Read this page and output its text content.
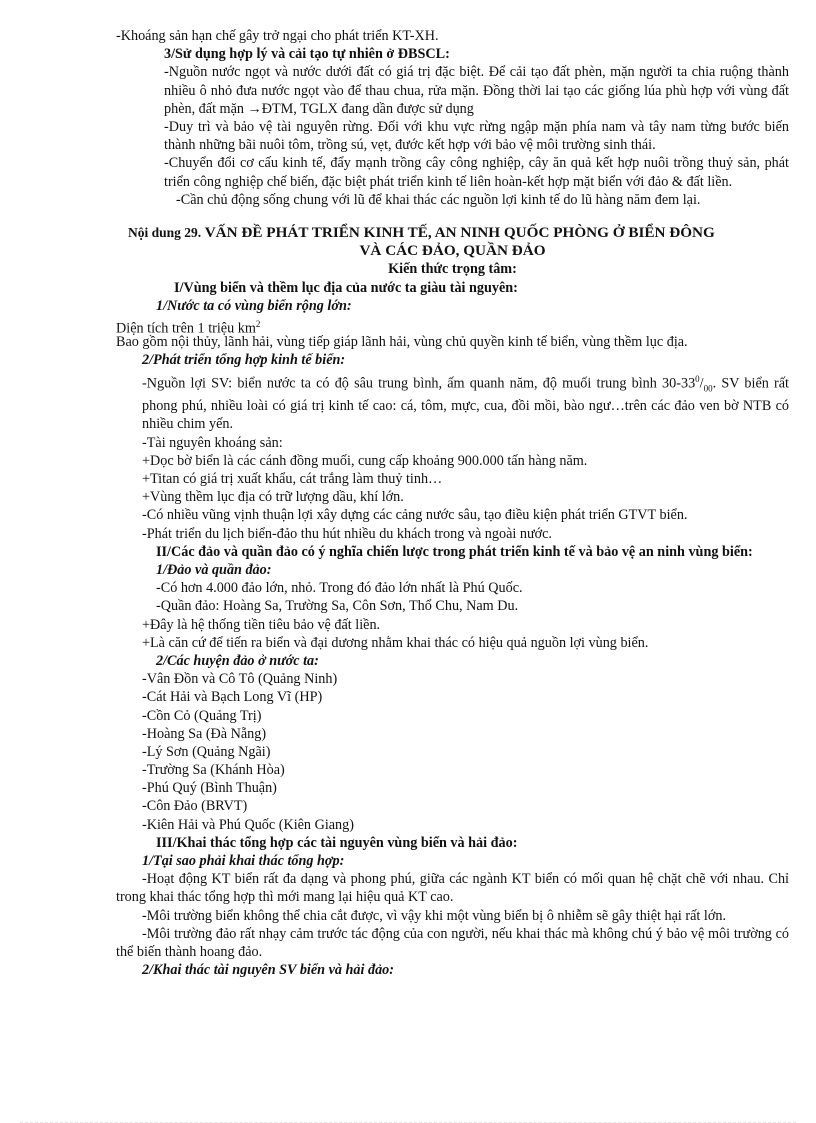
-Khoáng sản hạn chế gây trở ngại cho phát triển KT-XH.
3/Sử dụng hợp lý và cải tạo tự nhiên ở ĐBSCL:
-Nguồn nước ngọt và nước dưới đất có giá trị đặc biệt. Để cải tạo đất phèn, mặn người ta chia ruộng thành nhiều ô nhỏ đưa nước ngọt vào để thau chua, rửa mặn. Đồng thời lai tạo các giống lúa phù hợp với vùng đất phèn, đất mặn →ĐTM, TGLX đang dần được sử dụng
-Duy trì và bảo vệ tài nguyên rừng. Đối với khu vực rừng ngập mặn phía nam và tây nam từng bước biến thành những bãi nuôi tôm, trồng sú, vẹt, đước kết hợp với bảo vệ môi trường sinh thái.
-Chuyển đổi cơ cấu kinh tế, đẩy mạnh trồng cây công nghiệp, cây ăn quả kết hợp nuôi trồng thuỷ sản, phát triển công nghiệp chế biến, đặc biệt phát triển kinh tế liên hoàn-kết hợp mặt biển với đảo & đất liền.
-Cần chủ động sống chung với lũ để khai thác các nguồn lợi kinh tế do lũ hàng năm đem lại.
Nội dung 29. VẤN ĐỀ PHÁT TRIỂN KINH TẾ, AN NINH QUỐC PHÒNG Ở BIỂN ĐÔNG
VÀ CÁC ĐẢO, QUẦN ĐẢO
Kiến thức trọng tâm:
I/Vùng biển và thềm lục địa của nước ta giàu tài nguyên:
1/Nước ta có vùng biển rộng lớn:
Diện tích trên 1 triệu $km^2$
Bao gồm nội thủy, lãnh hải, vùng tiếp giáp lãnh hải, vùng chủ quyền kinh tế biển, vùng thềm lục địa.
2/Phát triển tổng hợp kinh tế biển:
-Nguồn lợi SV: biển nước ta có độ sâu trung bình, ấm quanh năm, độ muối trung bình $30-33^0/_{00}$. SV biển rất phong phú, nhiều loài có giá trị kinh tế cao: cá, tôm, mực, cua, đồi mồi, bào ngư…trên các đảo ven bờ NTB có nhiều chim yến.
-Tài nguyên khoáng sản:
+Dọc bờ biển là các cánh đồng muối, cung cấp khoảng 900.000 tấn hàng năm.
+Titan có giá trị xuất khẩu, cát trắng làm thuỷ tinh…
+Vùng thềm lục địa có trữ lượng dầu, khí lớn.
-Có nhiều vũng vịnh thuận lợi xây dựng các cảng nước sâu, tạo điều kiện phát triển GTVT biển.
-Phát triển du lịch biển-đảo thu hút nhiều du khách trong và ngoài nước.
II/Các đảo và quần đảo có ý nghĩa chiến lược trong phát triển kinh tế và bảo vệ an ninh vùng biển:
1/Đảo và quần đảo:
-Có hơn 4.000 đảo lớn, nhỏ. Trong đó đảo lớn nhất là Phú Quốc.
-Quần đảo: Hoàng Sa, Trường Sa, Côn Sơn, Thổ Chu, Nam Du.
+Đây là hệ thống tiền tiêu bảo vệ đất liền.
+Là căn cứ để tiến ra biển và đại dương nhằm khai thác có hiệu quả nguồn lợi vùng biển.
2/Các huyện đảo ở nước ta:
-Vân Đồn và Cô Tô (Quảng Ninh)
-Cát Hải và Bạch Long Vĩ (HP)
-Cồn Cỏ (Quảng Trị)
-Hoàng Sa (Đà Nẵng)
-Lý Sơn (Quảng Ngãi)
-Trường Sa (Khánh Hòa)
-Phú Quý (Bình Thuận)
-Côn Đảo (BRVT)
-Kiên Hải và Phú Quốc (Kiên Giang)
III/Khai thác tổng hợp các tài nguyên vùng biển và hải đảo:
1/Tại sao phải khai thác tổng hợp:
-Hoạt động KT biển rất đa dạng và phong phú, giữa các ngành KT biển có mối quan hệ chặt chẽ với nhau. Chỉ trong khai thác tổng hợp thì mới mang lại hiệu quả KT cao.
-Môi trường biển không thể chia cắt được, vì vậy khi một vùng biển bị ô nhiễm sẽ gây thiệt hại rất lớn.
-Môi trường đảo rất nhạy cảm trước tác động của con người, nếu khai thác mà không chú ý bảo vệ môi trường có thể biến thành hoang đảo.
2/Khai thác tài nguyên SV biển và hải đảo:
